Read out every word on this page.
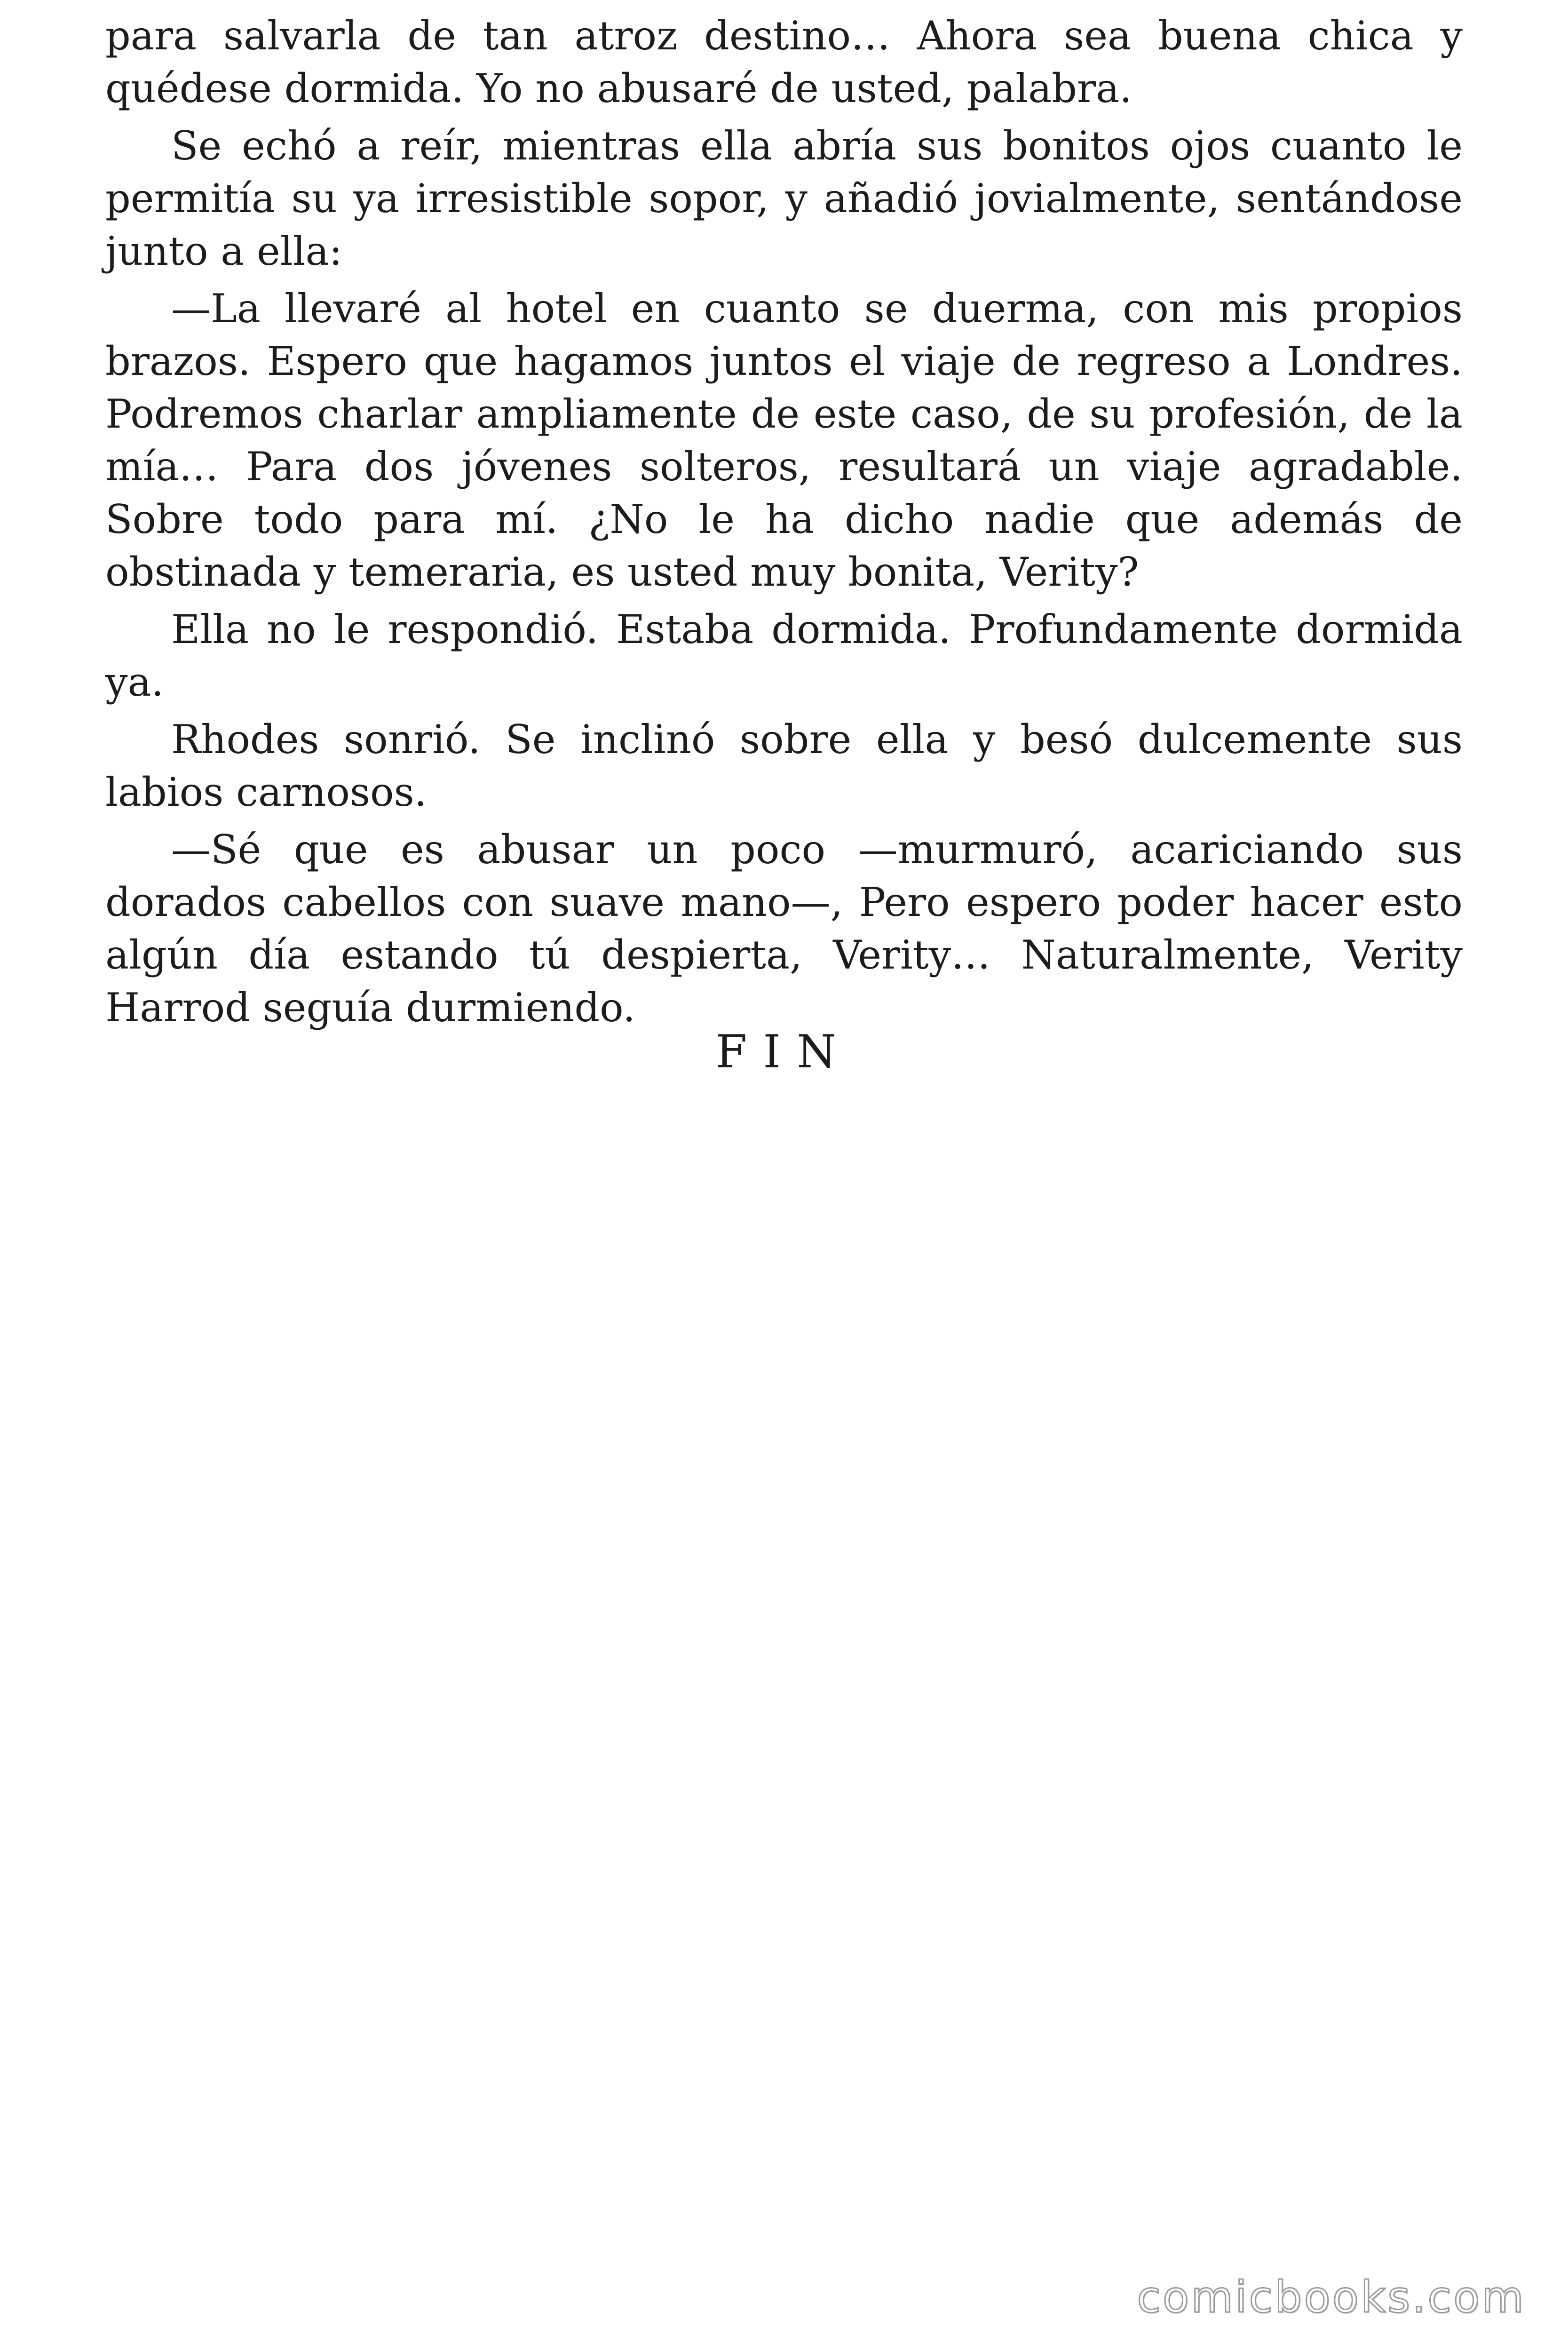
para salvarla de tan atroz destino… Ahora sea buena chica y quédese dormida. Yo no abusaré de usted, palabra.

Se echó a reír, mientras ella abría sus bonitos ojos cuanto le permitía su ya irresistible sopor, y añadió jovialmente, sentándose junto a ella:

—La llevaré al hotel en cuanto se duerma, con mis propios brazos. Espero que hagamos juntos el viaje de regreso a Londres. Podremos charlar ampliamente de este caso, de su profesión, de la mía… Para dos jóvenes solteros, resultará un viaje agradable. Sobre todo para mí. ¿No le ha dicho nadie que además de obstinada y temeraria, es usted muy bonita, Verity?

Ella no le respondió. Estaba dormida. Profundamente dormida ya.

Rhodes sonrió. Se inclinó sobre ella y besó dulcemente sus labios carnosos.

—Sé que es abusar un poco —murmuró, acariciando sus dorados cabellos con suave mano—, Pero espero poder hacer esto algún día estando tú despierta, Verity… Naturalmente, Verity Harrod seguía durmiendo.

FIN
comicbooks.com
